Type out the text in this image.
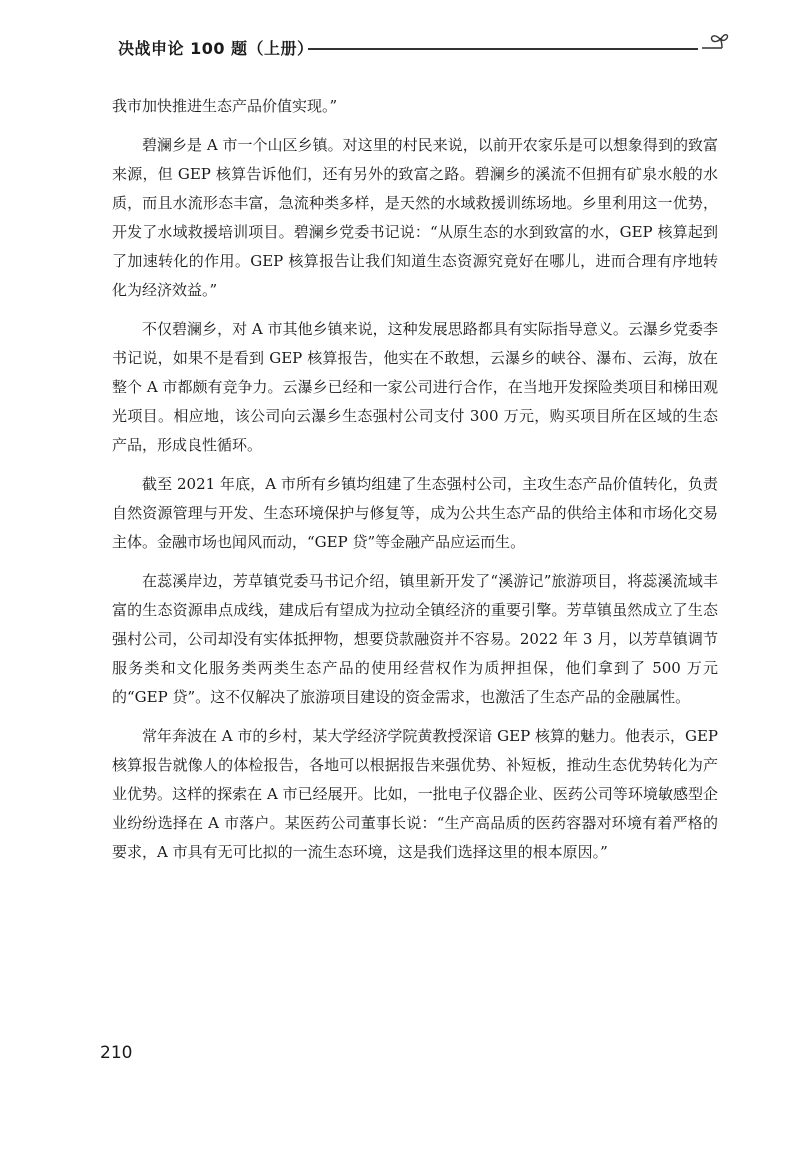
决战申论 100 题（上册）

我市加快推进生态产品价值实现。”

碧澜乡是 A 市一个山区乡镇。对这里的村民来说，以前开农家乐是可以想象得到的致富来源，但 GEP 核算告诉他们，还有另外的致富之路。碧澜乡的溪流不但拥有矿泉水般的水质，而且水流形态丰富，急流种类多样，是天然的水域救援训练场地。乡里利用这一优势，开发了水域救援培训项目。碧澜乡党委书记说：“从原生态的水到致富的水，GEP 核算起到了加速转化的作用。GEP 核算报告让我们知道生态资源究竟好在哪儿，进而合理有序地转化为经济效益。”

不仅碧澜乡，对 A 市其他乡镇来说，这种发展思路都具有实际指导意义。云瀑乡党委李书记说，如果不是看到 GEP 核算报告，他实在不敢想，云瀑乡的峡谷、瀑布、云海，放在整个 A 市都颇有竞争力。云瀑乡已经和一家公司进行合作，在当地开发探险类项目和梯田观光项目。相应地，该公司向云瀑乡生态强村公司支付 300 万元，购买项目所在区域的生态产品，形成良性循环。

截至 2021 年底，A 市所有乡镇均组建了生态强村公司，主攻生态产品价值转化，负责自然资源管理与开发、生态环境保护与修复等，成为公共生态产品的供给主体和市场化交易主体。金融市场也闻风而动，“GEP 贷”等金融产品应运而生。

在蕊溪岸边，芳草镇党委马书记介绍，镇里新开发了“溪游记”旅游项目，将蕊溪流域丰富的生态资源串点成线，建成后有望成为拉动全镇经济的重要引擎。芳草镇虽然成立了生态强村公司，公司却没有实体抵押物，想要贷款融资并不容易。2022 年 3 月，以芳草镇调节服务类和文化服务类两类生态产品的使用经营权作为质押担保，他们拿到了 500 万元的“GEP 贷”。这不仅解决了旅游项目建设的资金需求，也激活了生态产品的金融属性。

常年奔波在 A 市的乡村，某大学经济学院黄教授深谙 GEP 核算的魅力。他表示，GEP 核算报告就像人的体检报告，各地可以根据报告来强优势、补短板，推动生态优势转化为产业优势。这样的探索在 A 市已经展开。比如，一批电子仪器企业、医药公司等环境敏感型企业纷纷选择在 A 市落户。某医药公司董事长说：“生产高品质的医药容器对环境有着严格的要求，A 市具有无可比拟的一流生态环境，这是我们选择这里的根本原因。”

210
